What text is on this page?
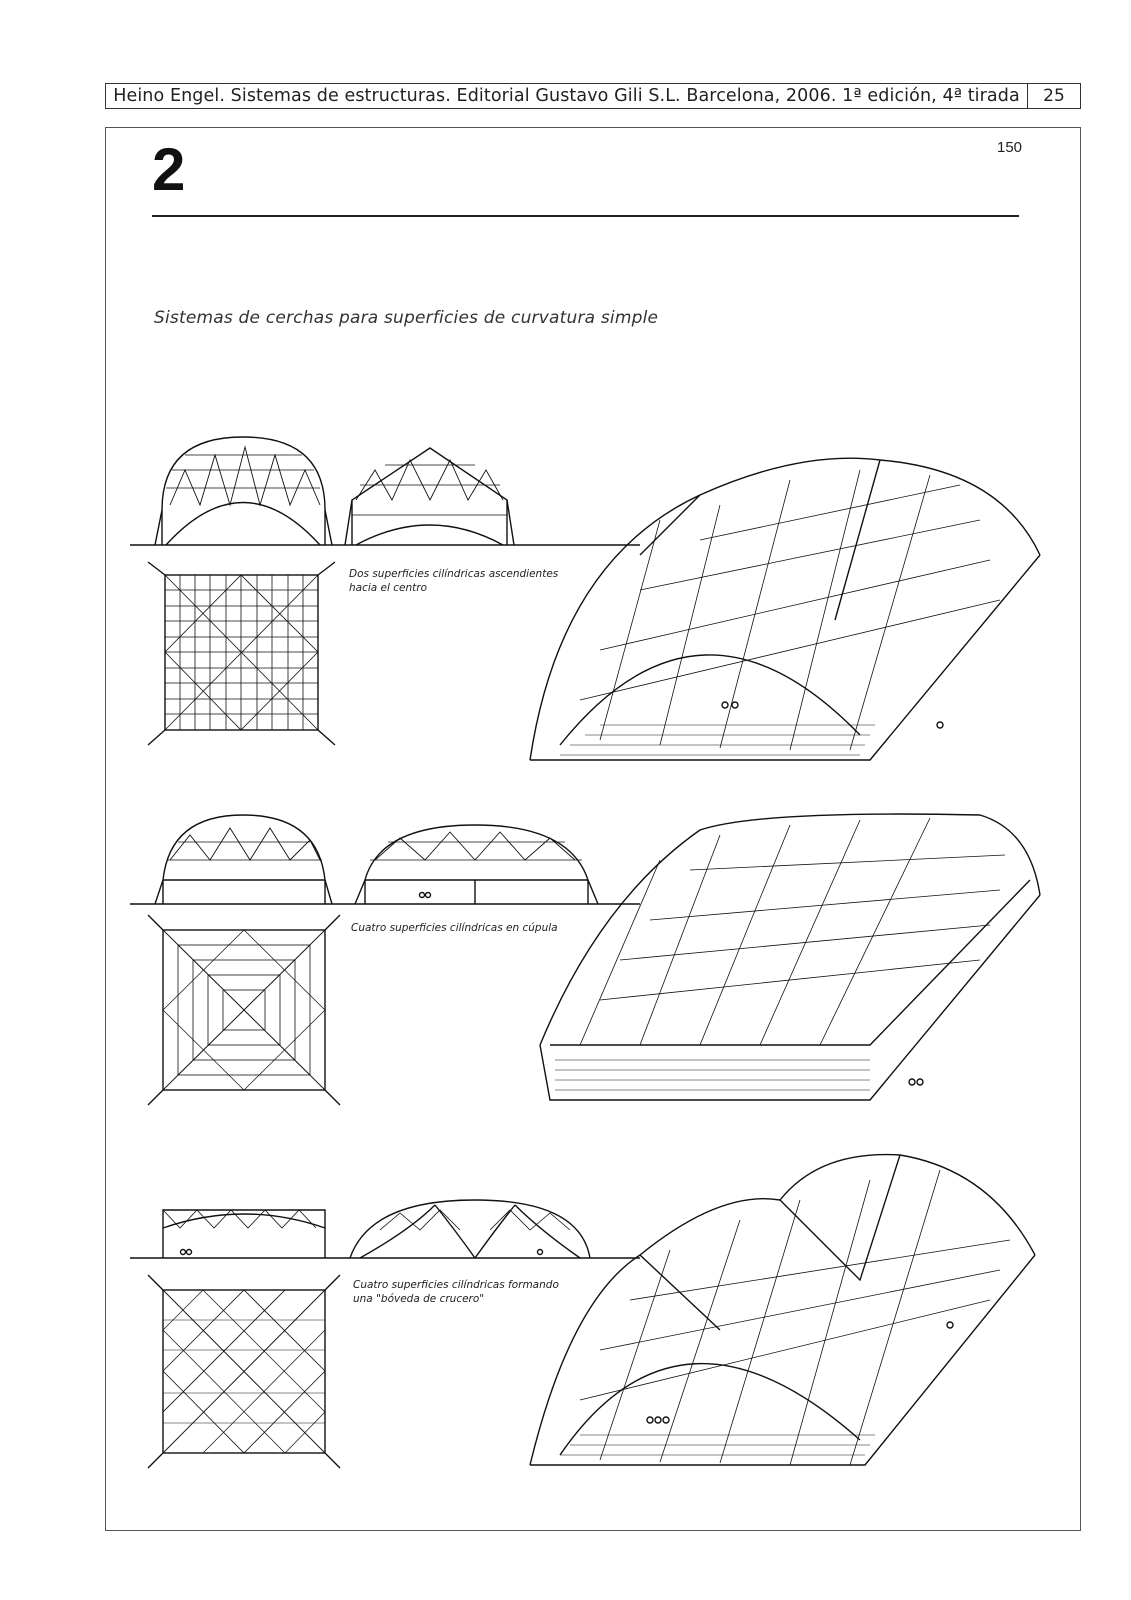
Heino Engel. Sistemas de estructuras. Editorial Gustavo Gili S.L. Barcelona, 2006. 1ª edición, 4ª tirada	25
2	150
Sistemas de cerchas para superficies de curvatura simple
Dos superficies cilíndricas ascendientes
hacia el centro
Cuatro superficies cilíndricas en cúpula
Cuatro superficies cilíndricas formando
una "bóveda de crucero"
